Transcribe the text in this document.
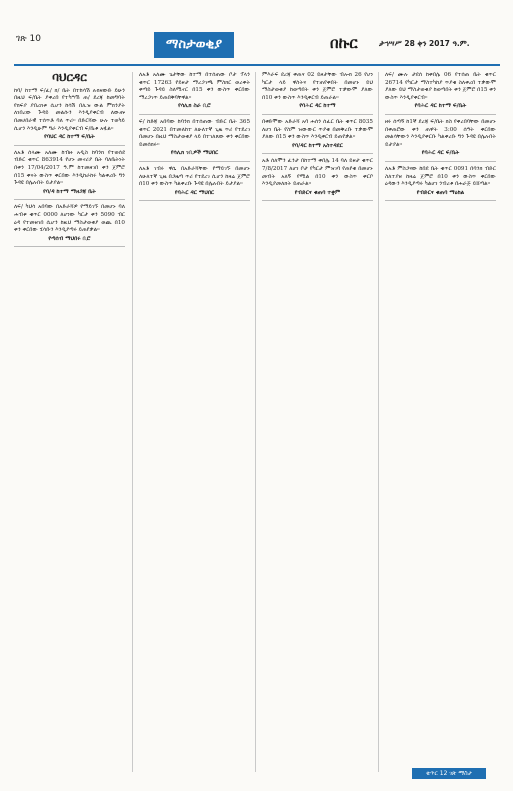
ገጽ 10	ማስታወቂያ	በኩር	ታኅሣሥ 28 ቀን 2017 ዓ.ም.
ባህርዳር

ከባ/ ከተማ ፍ/ፈ/ ክ/ ቤት በተከሳሽ ሉክዛውድ ይሁን በዚህ ፍ/ቤት ያቀረበ የተካሣሽ ጠ/ ደረጃ ከመግባት የክፍያ ያበረክቱ ሲሆን ከሳሽ በሊዝ ውል ምክንያት ለነበረው ጉዳይ መልሱን እንዲያቀርብ ለውጡ በመሀበራዊ ተሰጥቶ ባለ ጥሪ። በድርሻው ሁሉ ተወካይ ሲሆን እንዲሁም ግራ እንዲያቀርብ ፍ/ቤቱ አዟል።

የባህር ዳር ከተማ ፍ/ቤት

ለአቶ ሰላሙ አለሙ ከብዙ አዲስ ከባንክ የተወሰደ ብድር ቁጥር 863914 የሆኑ መኖሪያ ቤት ባለቤትነት በቀን 17/04/2017 ዓ.ም ከተመዘገበ ቀን ጀምሮ በ15 ቀናት ውስጥ ቀርበው እንዲከራከሩ ካልቀረቡ ግን ጉዳዩ በሌሉበት ይታያል።

የባ/ዳ ከተማ ማዘጋጃ ቤት

ለፍ/ ካህሳ አበባው በአድራሻዎ የማይገኙ በመሆኑ ባለ ሐብቱ ቁጥር 0000 ለሆነው ካርታ ቀን 5090 ብር ዕዳ የተመዘገበ ሲሆን ከዚህ ማስታወቂያ ወጪ በ10 ቀን ቀርበው ሂሳቡን እንዲያጣሩ ይጠየቃል።

የጣሰብ ማህበሩ ቢሮ

ለአቶ አለሙ ጌታቸው ከተማ በተሰጠው ቦታ ፕላን ቁጥር 17263 የይዞታ ማረጋገጫ ምስክር ወረቀት ቀጣይ ጉዳይ ስለሚኖር በ15 ቀን ውስጥ ቀርበው ማረጋገጥ ይጠበቅባቸዋል።

የሳሊክ ስራ ቢሮ

ፍ/ ከድጃ አበባው ከባንክ በተሰጠው ብድር ቤት 365 ቁጥር 2021 በተመለከተ ለሁለተኛ ጊዜ ጥሪ የተደረገ በመሆኑ በዚህ ማስታወቂያ ላይ በተገለጸው ቀን ቀርበው ይመሰክሩ።

የሳሊክ ገቢዎች ማህበር

ለአቶ ገብሩ ዋሴ በአድራሻቸው የማይገኙ በመሆኑ ለሁለተኛ ጊዜ በጋዜጣ ጥሪ የተደረገ ሲሆን ከዛሬ ጀምሮ በ10 ቀን ውስጥ ካልቀረቡ ጉዳዩ በሌሉበት ይታያል።

የባሕር ዳር ማህበር

ምእራፍ ደረጃ ቀጠና 02 ይዞታቸው ብሎክ 26 የሆነ ካርታ ላይ ዋስትና የተጠየቀበት በመሆኑ ይህ ማስታወቂያ ከወጣበት ቀን ጀምሮ ተቃውሞ ያለው በ10 ቀን ውስጥ እንዲቀርብ ይጠራል።

የባሕር ዳር ከተማ

በቀድሞው አድራሻ አባ ሐሰን ሰፈር ቤት ቁጥር 8035 ለሆነ ቤት የስም ዝውውር ጥያቄ በመቅረቡ ተቃውሞ ያለው በ15 ቀን ውስጥ እንዲቀርብ ይጠየቃል።

የባ/ዳር ከተማ አስተዳደር

አቶ ሰለሞን ፈንታ በከተማ ቀበሌ 14 ባለ ይዞታ ቁጥር 7/8/2017 ለሆነ ቦታ የካርታ ምዝገባ የጠየቁ በመሆኑ መብት አለኝ የሚል በ10 ቀን ውስጥ ቀርቦ እንዲያመለክት ይጠራል።

የብድርና ቁጠባ ተቋም

ለፍ/ ሙሉ ታደሰ ከቀበሌ 06 የተሰጠ ቤት ቁጥር 26714 የካርታ ማስተካከያ ጥያቄ ስለቀረበ ተቃውሞ ያለው ይህ ማስታወቂያ ከወጣበት ቀን ጀምሮ በ15 ቀን ውስጥ እንዲያቀርብ።

የባሕር ዳር ከተማ ፍ/ቤት

ዘሩ ሰጣኝ ከ1ኛ ደረጃ ፍ/ቤት ክስ የቀረበባቸው በመሆኑ በቀጠሮው ቀን ጠዋት 3:00 ሰዓት ቀርበው መልሳቸውን እንዲያቀርቡ ካልቀረቡ ግን ጉዳዩ በሌሉበት ይታያል።

የባሕር ዳር ፍ/ቤት

ለአቶ ምስጋናው ከበደ ቤት ቁጥር 0091 በባንክ ብድር ስለተያዘ ከዛሬ ጀምሮ በ10 ቀን ውስጥ ቀርበው ዕዳውን እንዲያጣሩ ካልሆነ ንብረቱ በሐራጅ ይሸጣል።

የብድርና ቁጠባ ማዕከል
ቁጥር 12 ገጽ ማስታ
